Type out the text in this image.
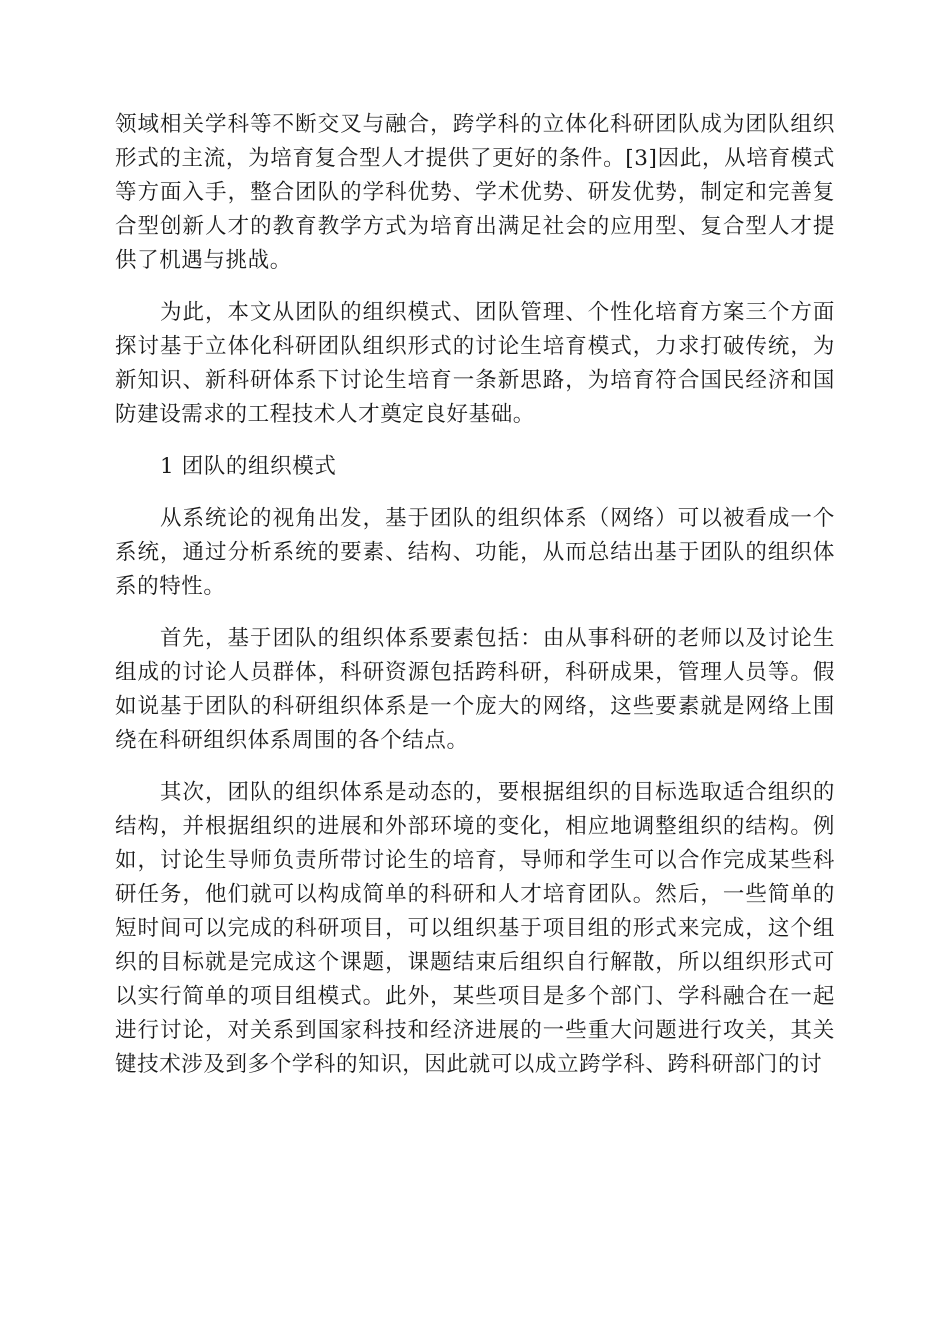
领域相关学科等不断交叉与融合，跨学科的立体化科研团队成为团队组织形式的主流，为培育复合型人才提供了更好的条件。[3]因此，从培育模式等方面入手，整合团队的学科优势、学术优势、研发优势，制定和完善复合型创新人才的教育教学方式为培育出满足社会的应用型、复合型人才提供了机遇与挑战。

为此，本文从团队的组织模式、团队管理、个性化培育方案三个方面探讨基于立体化科研团队组织形式的讨论生培育模式，力求打破传统，为新知识、新科研体系下讨论生培育一条新思路，为培育符合国民经济和国防建设需求的工程技术人才奠定良好基础。

1 团队的组织模式

从系统论的视角出发，基于团队的组织体系（网络）可以被看成一个系统，通过分析系统的要素、结构、功能，从而总结出基于团队的组织体系的特性。

首先，基于团队的组织体系要素包括：由从事科研的老师以及讨论生组成的讨论人员群体，科研资源包括跨科研，科研成果，管理人员等。假如说基于团队的科研组织体系是一个庞大的网络，这些要素就是网络上围绕在科研组织体系周围的各个结点。

其次，团队的组织体系是动态的，要根据组织的目标选取适合组织的结构，并根据组织的进展和外部环境的变化，相应地调整组织的结构。例如，讨论生导师负责所带讨论生的培育，导师和学生可以合作完成某些科研任务，他们就可以构成简单的科研和人才培育团队。然后，一些简单的短时间可以完成的科研项目，可以组织基于项目组的形式来完成，这个组织的目标就是完成这个课题，课题结束后组织自行解散，所以组织形式可以实行简单的项目组模式。此外，某些项目是多个部门、学科融合在一起进行讨论，对关系到国家科技和经济进展的一些重大问题进行攻关，其关键技术涉及到多个学科的知识，因此就可以成立跨学科、跨科研部门的讨
